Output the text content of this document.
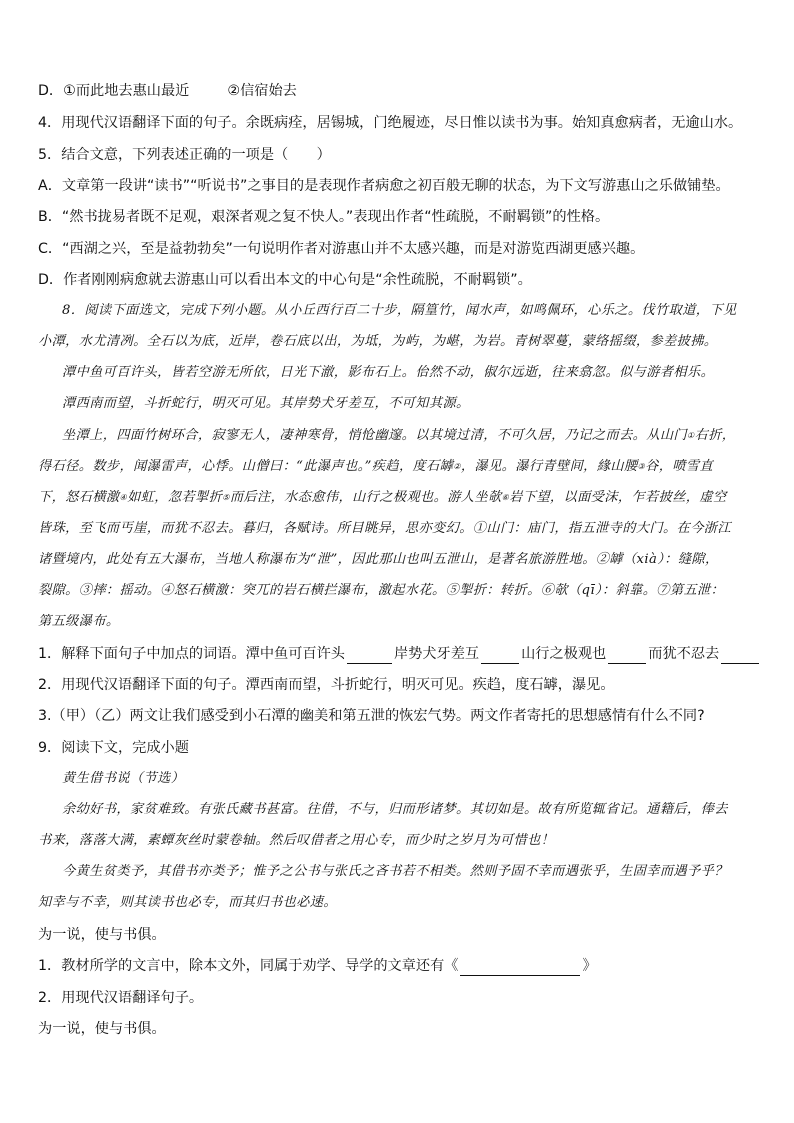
D．①而此地去惠山最近	②信宿始去
4．用现代汉语翻译下面的句子。余既病痊，居锡城，门绝履迹，尽日惟以读书为事。始知真愈病者，无逾山水。
5．结合文意，下列表述正确的一项是（　　）
A．文章第一段讲“读书”“听说书”之事目的是表现作者病愈之初百般无聊的状态，为下文写游惠山之乐做铺垫。
B．“然书拢易者既不足观，艰深者观之复不快人。”表现出作者“性疏脱，不耐羁锁”的性格。
C．“西湖之兴，至是益勃勃矣”一句说明作者对游惠山并不太感兴趣，而是对游览西湖更感兴趣。
D．作者刚刚病愈就去游惠山可以看出本文的中心句是“余性疏脱，不耐羁锁”。
8．阅读下面选文，完成下列小题。从小丘西行百二十步，隔篁竹，闻水声，如鸣佩环，心乐之。伐竹取道，下见
小潭，水尤清冽。全石以为底，近岸，卷石底以出，为坻，为屿，为嵁，为岩。青树翠蔓，蒙络摇缀，参差披拂。
潭中鱼可百许头，皆若空游无所依，日光下澈，影布石上。佁然不动，俶尔远逝，往来翕忽。似与游者相乐。
潭西南而望，斗折蛇行，明灭可见。其岸势犬牙差互，不可知其源。
坐潭上，四面竹树环合，寂寥无人，凄神寒骨，悄怆幽邃。以其境过清，不可久居，乃记之而去。从山门①右折，
得石径。数步，闻瀑雷声，心悸。山僧曰：“此瀑声也。”疾趋，度石罅②，瀑见。瀑行青壁间，緣山腰③谷，喷雪直
下，怒石横激④如虹，忽若掣折⑤而后注，水态愈伟，山行之极观也。游人坐欹⑥岩下望，以面受沫，乍若披丝，虚空
皆珠，至飞而丐崖，而犹不忍去。暮归，各赋诗。所目眺异，思亦变幻。①山门：庙门，指五泄寺的大门。在今浙江
诸暨境内，此处有五大瀑布，当地人称瀑布为“泄”，因此那山也叫五泄山，是著名旅游胜地。②罅（xià）：缝隙，
裂隙。③摔：摇动。④怒石横激：突兀的岩石横拦瀑布，激起水花。⑤掣折：转折。⑥欹（qī）：斜靠。⑦第五泄：
第五级瀑布。
1．解释下面句子中加点的词语。潭中鱼可百许头	岸势犬牙差互	山行之极观也	而犹不忍去
2．用现代汉语翻译下面的句子。潭西南而望，斗折蛇行，明灭可见。疾趋，度石罅，瀑见。
3.（甲）（乙）两文让我们感受到小石潭的幽美和第五泄的恢宏气势。两文作者寄托的思想感情有什么不同?
9．阅读下文，完成小题
黄生借书说（节选）
余幼好书，家贫难致。有张氏藏书甚富。往借，不与，归而形诸梦。其切如是。故有所览辄省记。通籍后，俸去
书来，落落大满，素蟫灰丝时蒙卷轴。然后叹借者之用心专，而少时之岁月为可惜也！
今黄生贫类予，其借书亦类予；惟予之公书与张氏之吝书若不相类。然则予固不幸而遇张乎，生固幸而遇予乎？
知幸与不幸，则其读书也必专，而其归书也必速。
为一说，使与书俱。
1．教材所学的文言中，除本文外，同属于劝学、导学的文章还有《	》
2．用现代汉语翻译句子。
为一说，使与书俱。
